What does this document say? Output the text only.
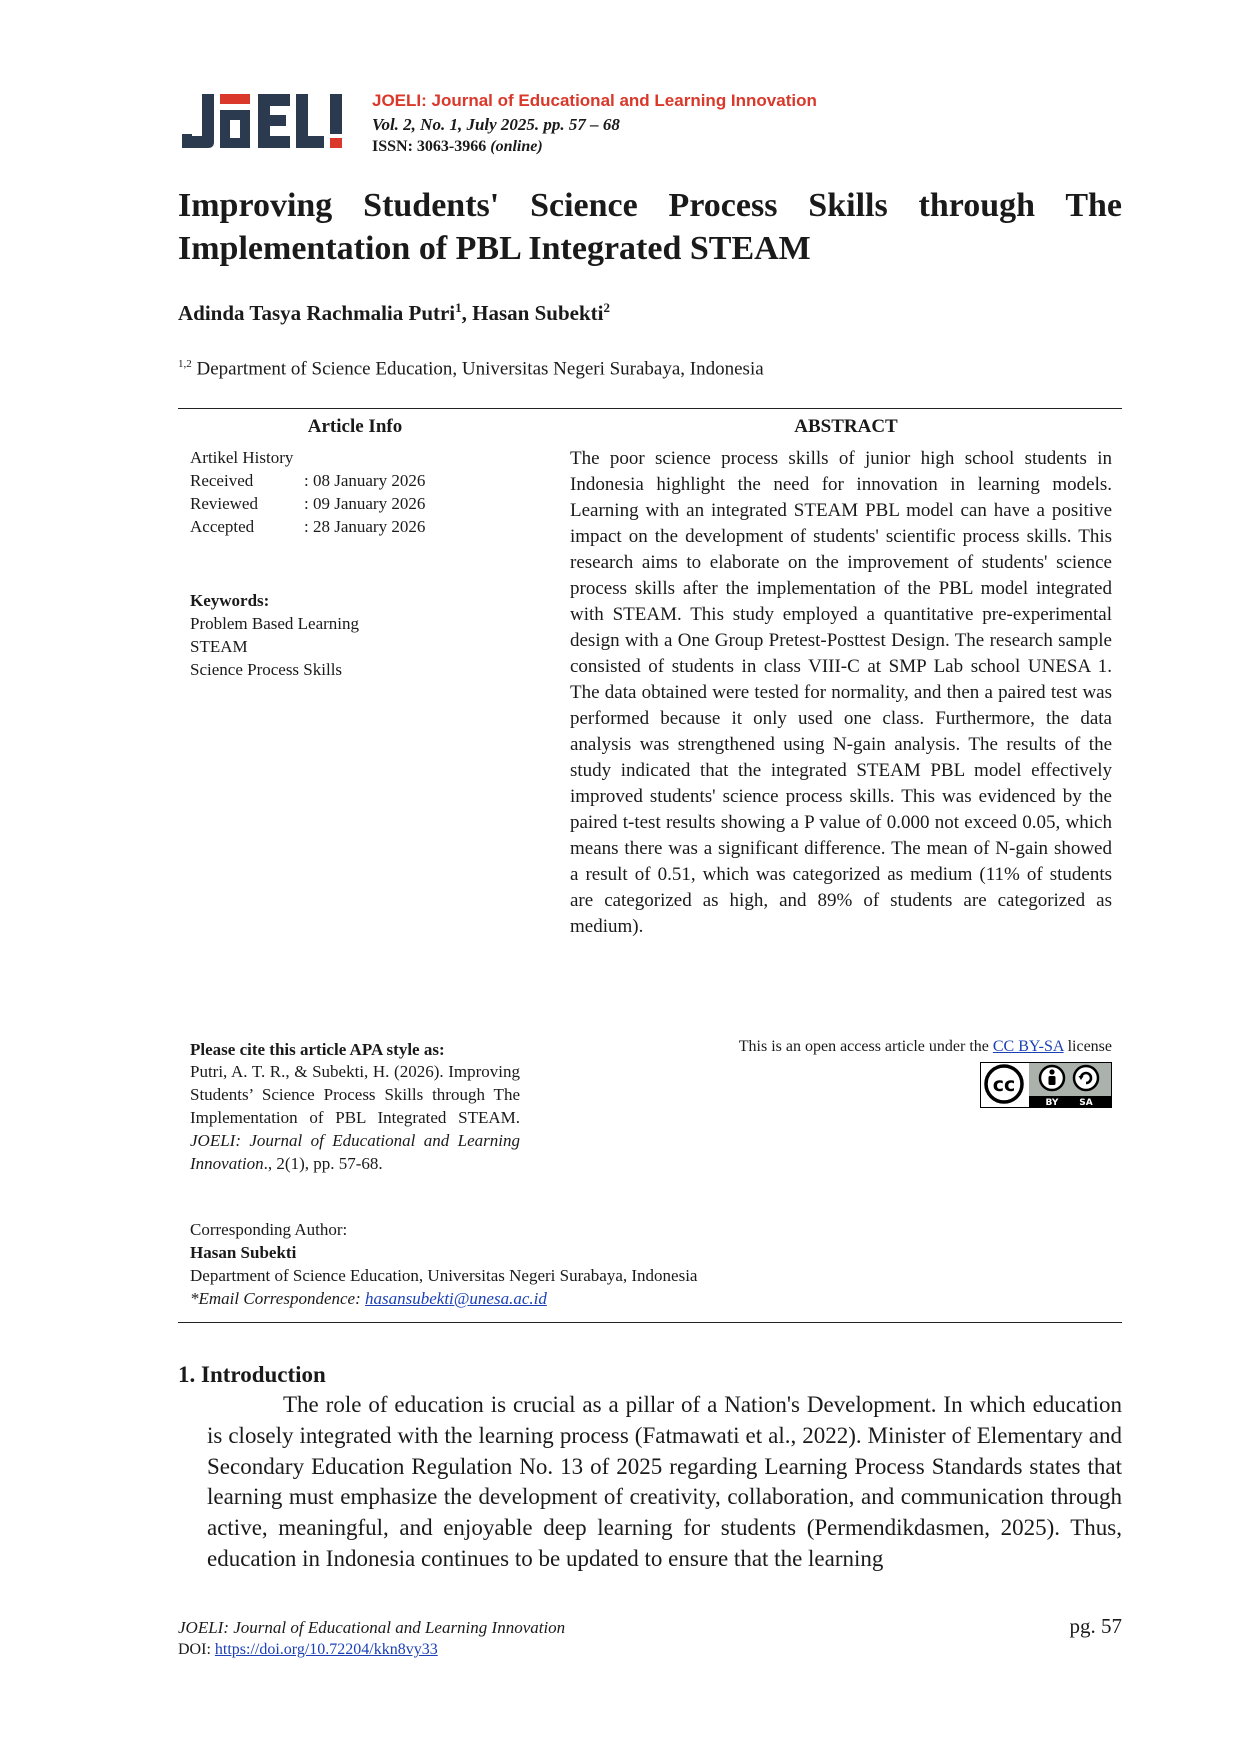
JOELI: Journal of Educational and Learning Innovation
Vol. 2, No. 1, July 2025. pp. 57 – 68
ISSN: 3063-3966 (online)
Improving Students' Science Process Skills through The Implementation of PBL Integrated STEAM
Adinda Tasya Rachmalia Putri$^1$, Hasan Subekti$^2$
$^{1,2}$ Department of Science Education, Universitas Negeri Surabaya, Indonesia
Article Info
Artikel History
Received	: 08 January 2026
Reviewed	: 09 January 2026
Accepted	: 28 January 2026
Keywords:
Problem Based Learning
STEAM
Science Process Skills
ABSTRACT
The poor science process skills of junior high school students in Indonesia highlight the need for innovation in learning models. Learning with an integrated STEAM PBL model can have a positive impact on the development of students' scientific process skills. This research aims to elaborate on the improvement of students' science process skills after the implementation of the PBL model integrated with STEAM. This study employed a quantitative pre-experimental design with a One Group Pretest-Posttest Design. The research sample consisted of students in class VIII-C at SMP Lab school UNESA 1. The data obtained were tested for normality, and then a paired test was performed because it only used one class. Furthermore, the data analysis was strengthened using N-gain analysis. The results of the study indicated that the integrated STEAM PBL model effectively improved students' science process skills. This was evidenced by the paired t-test results showing a P value of 0.000 not exceed 0.05, which means there was a significant difference. The mean of N-gain showed a result of 0.51, which was categorized as medium (11% of students are categorized as high, and 89% of students are categorized as medium).
Please cite this article APA style as:
Putri, A. T. R., & Subekti, H. (2026). Improving Students’ Science Process Skills through The Implementation of PBL Integrated STEAM. JOELI: Journal of Educational and Learning Innovation., 2(1), pp. 57-68.
This is an open access article under the CC BY-SA license
cc
BY SA
Corresponding Author:
Hasan Subekti
Department of Science Education, Universitas Negeri Surabaya, Indonesia
*Email Correspondence: hasansubekti@unesa.ac.id
1. Introduction
The role of education is crucial as a pillar of a Nation's Development. In which education is closely integrated with the learning process (Fatmawati et al., 2022). Minister of Elementary and Secondary Education Regulation No. 13 of 2025 regarding Learning Process Standards states that learning must emphasize the development of creativity, collaboration, and communication through active, meaningful, and enjoyable deep learning for students (Permendikdasmen, 2025). Thus, education in Indonesia continues to be updated to ensure that the learning
JOELI: Journal of Educational and Learning Innovation
DOI: https://doi.org/10.72204/kkn8vy33
pg. 57
